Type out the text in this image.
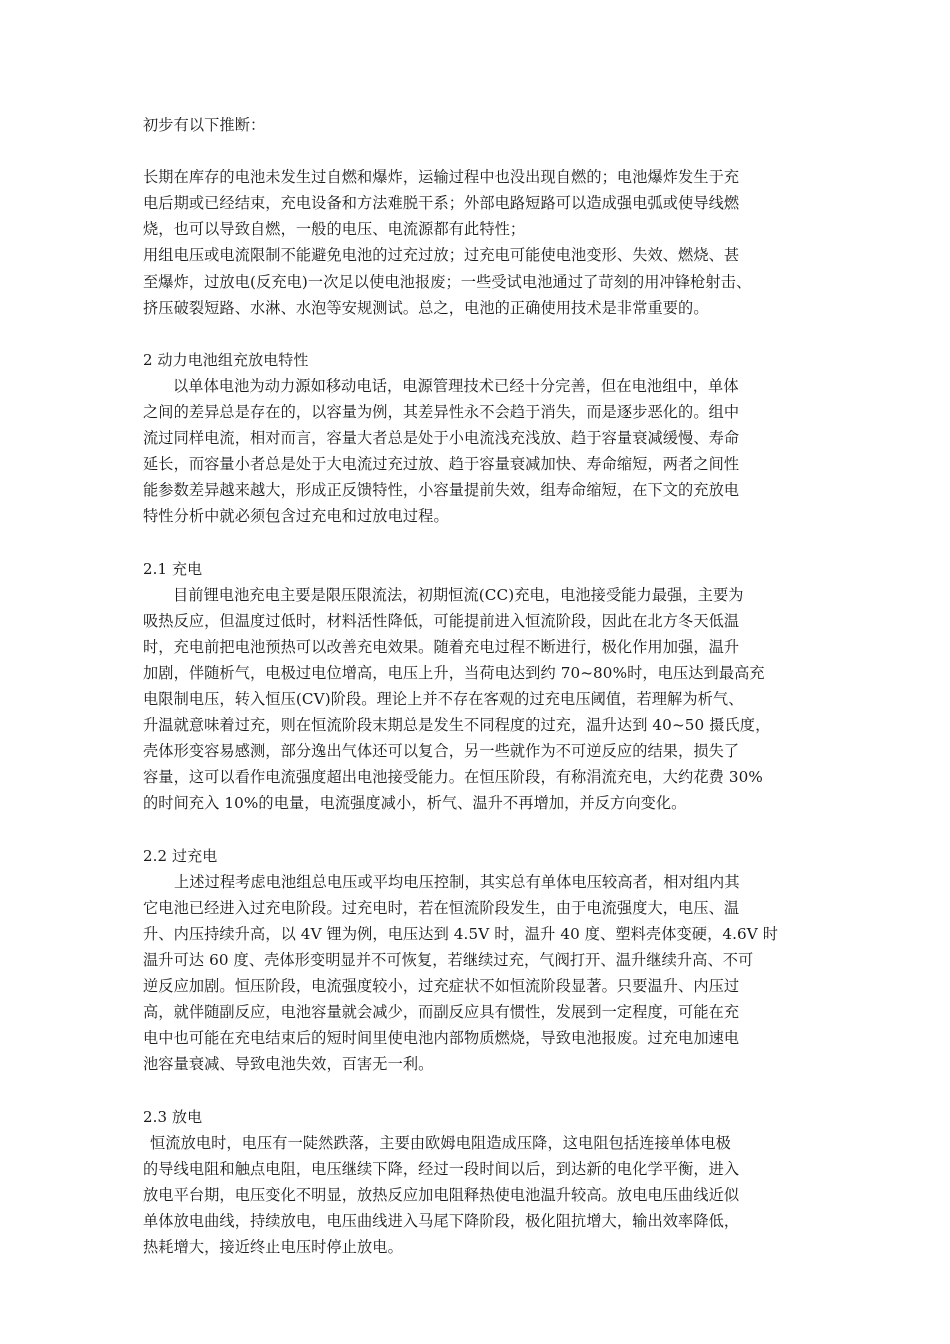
初步有以下推断：
长期在库存的电池未发生过自燃和爆炸，运输过程中也没出现自燃的；电池爆炸发生于充
电后期或已经结束，充电设备和方法难脱干系；外部电路短路可以造成强电弧或使导线燃
烧，也可以导致自燃，一般的电压、电流源都有此特性；
用组电压或电流限制不能避免电池的过充过放；过充电可能使电池变形、失效、燃烧、甚
至爆炸，过放电(反充电)一次足以使电池报废；一些受试电池通过了苛刻的用冲锋枪射击、
挤压破裂短路、水淋、水泡等安规测试。总之，电池的正确使用技术是非常重要的。
2 动力电池组充放电特性
以单体电池为动力源如移动电话，电源管理技术已经十分完善，但在电池组中，单体
之间的差异总是存在的，以容量为例，其差异性永不会趋于消失，而是逐步恶化的。组中
流过同样电流，相对而言，容量大者总是处于小电流浅充浅放、趋于容量衰减缓慢、寿命
延长，而容量小者总是处于大电流过充过放、趋于容量衰减加快、寿命缩短，两者之间性
能参数差异越来越大，形成正反馈特性，小容量提前失效，组寿命缩短，在下文的充放电
特性分析中就必须包含过充电和过放电过程。
2.1 充电
目前锂电池充电主要是限压限流法，初期恒流(CC)充电，电池接受能力最强，主要为
吸热反应，但温度过低时，材料活性降低，可能提前进入恒流阶段，因此在北方冬天低温
时，充电前把电池预热可以改善充电效果。随着充电过程不断进行，极化作用加强，温升
加剧，伴随析气，电极过电位增高，电压上升，当荷电达到约 70~80%时，电压达到最高充
电限制电压，转入恒压(CV)阶段。理论上并不存在客观的过充电压阈值，若理解为析气、
升温就意味着过充，则在恒流阶段末期总是发生不同程度的过充，温升达到 40~50 摄氏度，
壳体形变容易感测，部分逸出气体还可以复合，另一些就作为不可逆反应的结果，损失了
容量，这可以看作电流强度超出电池接受能力。在恒压阶段，有称涓流充电，大约花费 30%
的时间充入 10%的电量，电流强度减小，析气、温升不再增加，并反方向变化。
2.2 过充电
上述过程考虑电池组总电压或平均电压控制，其实总有单体电压较高者，相对组内其
它电池已经进入过充电阶段。过充电时，若在恒流阶段发生，由于电流强度大，电压、温
升、内压持续升高，以 4V 锂为例，电压达到 4.5V 时，温升 40 度、塑料壳体变硬，4.6V 时
温升可达 60 度、壳体形变明显并不可恢复，若继续过充，气阀打开、温升继续升高、不可
逆反应加剧。恒压阶段，电流强度较小，过充症状不如恒流阶段显著。只要温升、内压过
高，就伴随副反应，电池容量就会减少，而副反应具有惯性，发展到一定程度，可能在充
电中也可能在充电结束后的短时间里使电池内部物质燃烧，导致电池报废。过充电加速电
池容量衰减、导致电池失效，百害无一利。
2.3 放电
恒流放电时，电压有一陡然跌落，主要由欧姆电阻造成压降，这电阻包括连接单体电极
的导线电阻和触点电阻，电压继续下降，经过一段时间以后，到达新的电化学平衡，进入
放电平台期，电压变化不明显，放热反应加电阻释热使电池温升较高。放电电压曲线近似
单体放电曲线，持续放电，电压曲线进入马尾下降阶段，极化阻抗增大，输出效率降低，
热耗增大，接近终止电压时停止放电。
